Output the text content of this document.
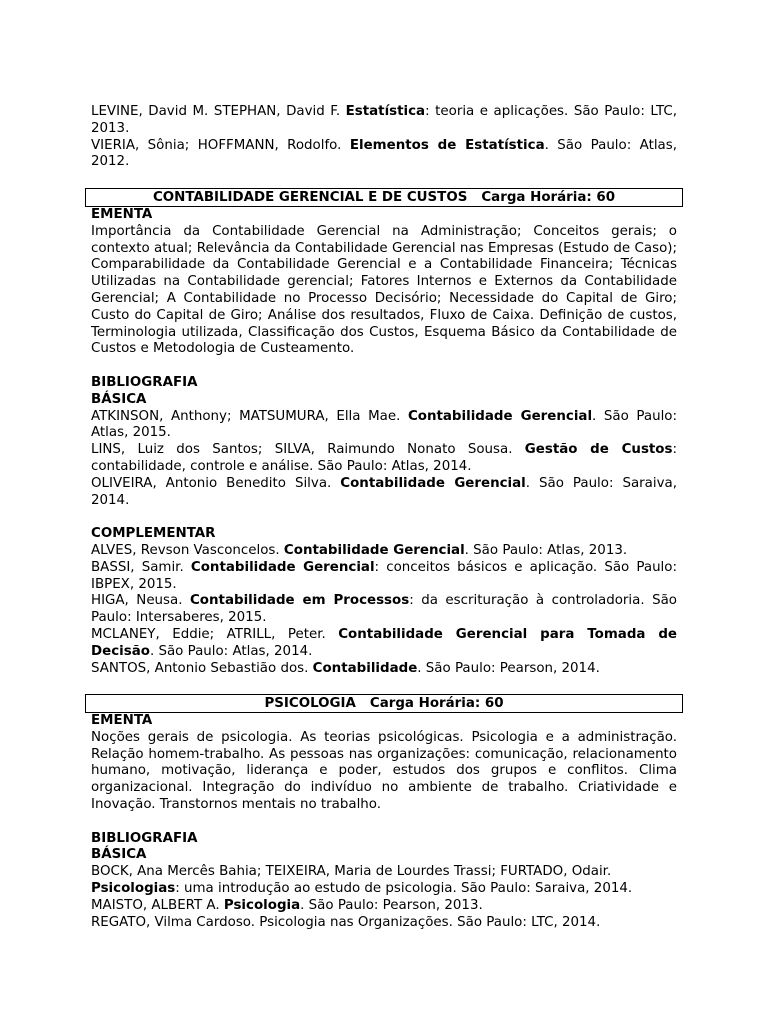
LEVINE, David M. STEPHAN, David F. Estatística: teoria e aplicações. São Paulo: LTC, 2013.

VIERIA, Sônia; HOFFMANN, Rodolfo. Elementos de Estatística. São Paulo: Atlas, 2012.

CONTABILIDADE GERENCIAL E DE CUSTOS Carga Horária: 60

EMENTA

Importância da Contabilidade Gerencial na Administração; Conceitos gerais; o contexto atual; Relevância da Contabilidade Gerencial nas Empresas (Estudo de Caso); Comparabilidade da Contabilidade Gerencial e a Contabilidade Financeira; Técnicas Utilizadas na Contabilidade gerencial; Fatores Internos e Externos da Contabilidade Gerencial; A Contabilidade no Processo Decisório; Necessidade do Capital de Giro; Custo do Capital de Giro; Análise dos resultados, Fluxo de Caixa. Definição de custos, Terminologia utilizada, Classificação dos Custos, Esquema Básico da Contabilidade de Custos e Metodologia de Custeamento.

BIBLIOGRAFIA

BÁSICA

ATKINSON, Anthony; MATSUMURA, Ella Mae. Contabilidade Gerencial. São Paulo: Atlas, 2015.

LINS, Luiz dos Santos; SILVA, Raimundo Nonato Sousa. Gestão de Custos: contabilidade, controle e análise. São Paulo: Atlas, 2014.

OLIVEIRA, Antonio Benedito Silva. Contabilidade Gerencial. São Paulo: Saraiva, 2014.

COMPLEMENTAR

ALVES, Revson Vasconcelos. Contabilidade Gerencial. São Paulo: Atlas, 2013.

BASSI, Samir. Contabilidade Gerencial: conceitos básicos e aplicação. São Paulo: IBPEX, 2015.

HIGA, Neusa. Contabilidade em Processos: da escrituração à controladoria. São Paulo: Intersaberes, 2015.

MCLANEY, Eddie; ATRILL, Peter. Contabilidade Gerencial para Tomada de Decisão. São Paulo: Atlas, 2014.

SANTOS, Antonio Sebastião dos. Contabilidade. São Paulo: Pearson, 2014.

PSICOLOGIA Carga Horária: 60

EMENTA

Noções gerais de psicologia. As teorias psicológicas. Psicologia e a administração. Relação homem-trabalho. As pessoas nas organizações: comunicação, relacionamento humano, motivação, liderança e poder, estudos dos grupos e conflitos. Clima organizacional. Integração do indivíduo no ambiente de trabalho. Criatividade e Inovação. Transtornos mentais no trabalho.

BIBLIOGRAFIA

BÁSICA

BOCK, Ana Mercês Bahia; TEIXEIRA, Maria de Lourdes Trassi; FURTADO, Odair. Psicologias: uma introdução ao estudo de psicologia. São Paulo: Saraiva, 2014.

MAISTO, ALBERT A. Psicologia. São Paulo: Pearson, 2013.

REGATO, Vilma Cardoso. Psicologia nas Organizações. São Paulo: LTC, 2014.
